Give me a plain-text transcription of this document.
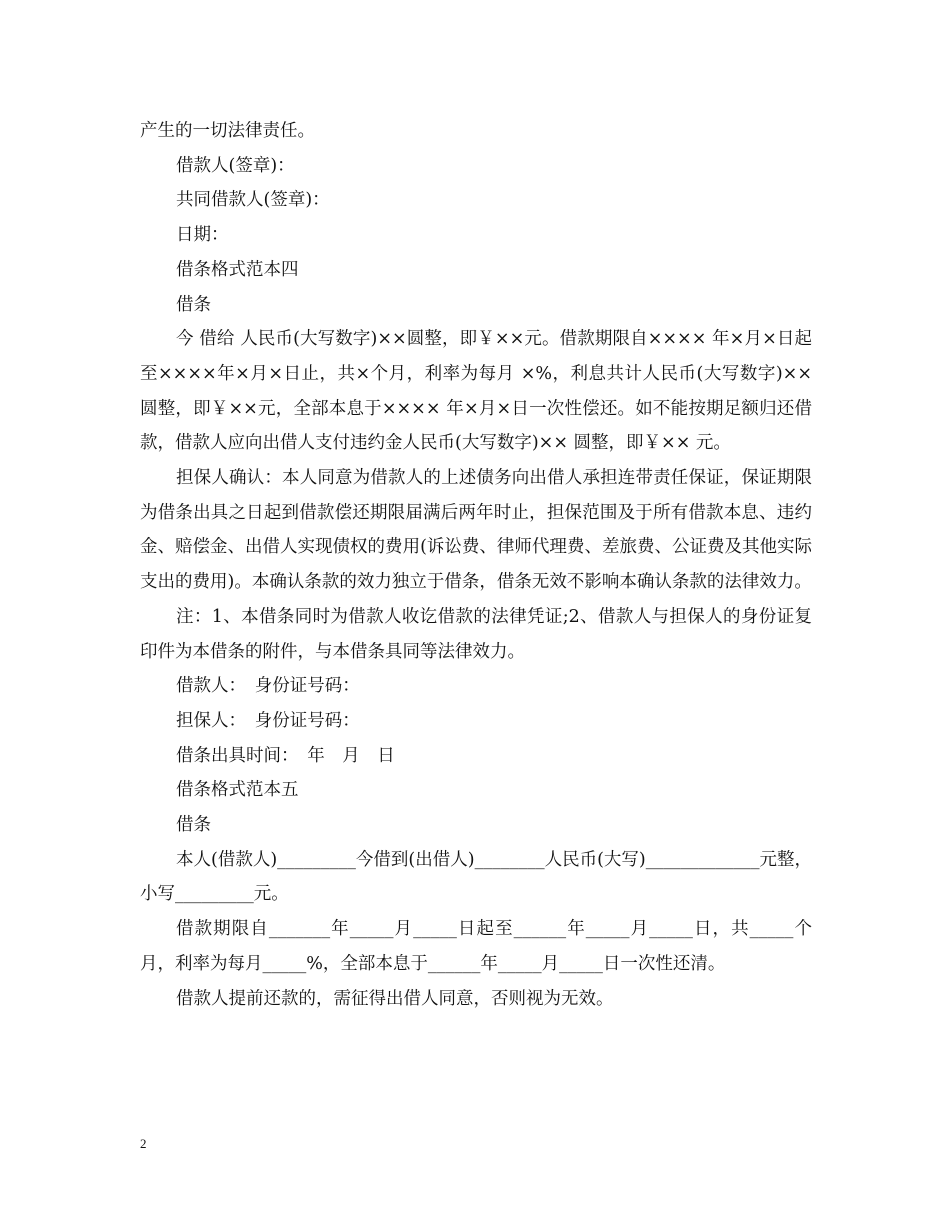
产生的一切法律责任。

借款人(签章)：

共同借款人(签章)：

日期：

借条格式范本四

借条

今 借给 人民币(大写数字)××圆整，即￥××元。借款期限自×××× 年×月×日起至××××年×月×日止，共×个月，利率为每月 ×%，利息共计人民币(大写数字)××圆整，即￥××元，全部本息于×××× 年×月×日一次性偿还。如不能按期足额归还借款，借款人应向出借人支付违约金人民币(大写数字)×× 圆整，即￥×× 元。

担保人确认：本人同意为借款人的上述债务向出借人承担连带责任保证，保证期限为借条出具之日起到借款偿还期限届满后两年时止，担保范围及于所有借款本息、违约金、赔偿金、出借人实现债权的费用(诉讼费、律师代理费、差旅费、公证费及其他实际支出的费用)。本确认条款的效力独立于借条，借条无效不影响本确认条款的法律效力。

注：1、本借条同时为借款人收讫借款的法律凭证;2、借款人与担保人的身份证复印件为本借条的附件，与本借条具同等法律效力。

借款人：　身份证号码：

担保人：　身份证号码：

借条出具时间：　年　月　日

借条格式范本五

借条

本人(借款人)_________今借到(出借人)________人民币(大写)_____________元整，小写_________元。

借款期限自_______年_____月_____日起至______年_____月_____日，共_____个月，利率为每月_____%，全部本息于______年_____月_____日一次性还清。

借款人提前还款的，需征得出借人同意，否则视为无效。

2
